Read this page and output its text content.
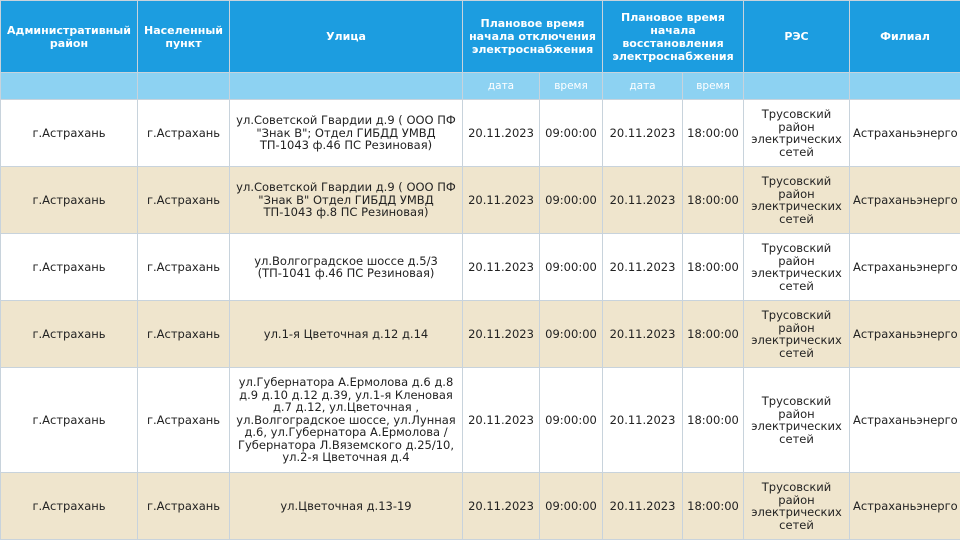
Административный район	Населенный пункт	Улица	Плановое время начала отключения электроснабжения		Плановое время начала восстановления электроснабжения		РЭС	Филиал
			дата	время	дата	время		
г.Астрахань	г.Астрахань	ул.Советской Гвардии д.9 ( ООО ПФ "Знак В"; Отдел ГИБДД УМВД ТП-1043 ф.46 ПС Резиновая)	20.11.2023	09:00:00	20.11.2023	18:00:00	Трусовский район электрических сетей	Астраханьэнерго
г.Астрахань	г.Астрахань	ул.Советской Гвардии д.9 ( ООО ПФ "Знак В" Отдел ГИБДД УМВД ТП-1043 ф.8 ПС Резиновая)	20.11.2023	09:00:00	20.11.2023	18:00:00	Трусовский район электрических сетей	Астраханьэнерго
г.Астрахань	г.Астрахань	ул.Волгоградское шоссе д.5/3 (ТП-1041 ф.46 ПС Резиновая)	20.11.2023	09:00:00	20.11.2023	18:00:00	Трусовский район электрических сетей	Астраханьэнерго
г.Астрахань	г.Астрахань	ул.1-я Цветочная д.12 д.14	20.11.2023	09:00:00	20.11.2023	18:00:00	Трусовский район электрических сетей	Астраханьэнерго
г.Астрахань	г.Астрахань	ул.Губернатора А.Ермолова д.6 д.8 д.9 д.10 д.12 д.39, ул.1-я Кленовая д.7 д.12, ул.Цветочная , ул.Волгоградское шоссе, ул.Лунная д.6, ул.Губернатора А.Ермолова / Губернатора Л.Вяземского д.25/10, ул.2-я Цветочная д.4	20.11.2023	09:00:00	20.11.2023	18:00:00	Трусовский район электрических сетей	Астраханьэнерго
г.Астрахань	г.Астрахань	ул.Цветочная д.13-19	20.11.2023	09:00:00	20.11.2023	18:00:00	Трусовский район электрических сетей	Астраханьэнерго
